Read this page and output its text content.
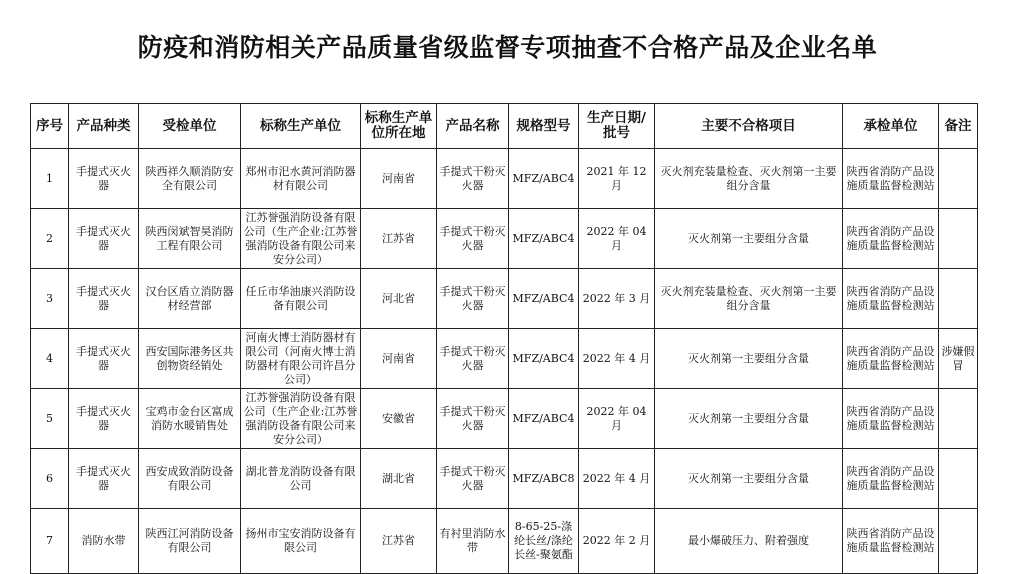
防疫和消防相关产品质量省级监督专项抽查不合格产品及企业名单
序号	产品种类	受检单位	标称生产单位	标称生产单位所在地	产品名称	规格型号	生产日期/批号	主要不合格项目	承检单位	备注
1	手提式灭火器	陕西祥久顺消防安全有限公司	郑州市汜水黄河消防器材有限公司	河南省	手提式干粉灭火器	MFZ/ABC4	2021 年 12 月	灭火剂充装量检查、灭火剂第一主要组分含量	陕西省消防产品设施质量监督检测站	
2	手提式灭火器	陕西闵斌智昊消防工程有限公司	江苏誉强消防设备有限公司（生产企业:江苏誉强消防设备有限公司来安分公司）	江苏省	手提式干粉灭火器	MFZ/ABC4	2022 年 04 月	灭火剂第一主要组分含量	陕西省消防产品设施质量监督检测站	
3	手提式灭火器	汉台区盾立消防器材经营部	任丘市华油康兴消防设备有限公司	河北省	手提式干粉灭火器	MFZ/ABC4	2022 年 3 月	灭火剂充装量检查、灭火剂第一主要组分含量	陕西省消防产品设施质量监督检测站	
4	手提式灭火器	西安国际港务区共创物资经销处	河南火博士消防器材有限公司（河南火博士消防器材有限公司许昌分公司）	河南省	手提式干粉灭火器	MFZ/ABC4	2022 年 4 月	灭火剂第一主要组分含量	陕西省消防产品设施质量监督检测站	涉嫌假冒
5	手提式灭火器	宝鸡市金台区富成消防水暖销售处	江苏誉强消防设备有限公司（生产企业:江苏誉强消防设备有限公司来安分公司）	安徽省	手提式干粉灭火器	MFZ/ABC4	2022 年 04 月	灭火剂第一主要组分含量	陕西省消防产品设施质量监督检测站	
6	手提式灭火器	西安成致消防设备有限公司	湖北普龙消防设备有限公司	湖北省	手提式干粉灭火器	MFZ/ABC8	2022 年 4 月	灭火剂第一主要组分含量	陕西省消防产品设施质量监督检测站	
7	消防水带	陕西江河消防设备有限公司	扬州市宝安消防设备有限公司	江苏省	有衬里消防水带	8-65-25-涤纶长丝/涤纶长丝-聚氨酯	2022 年 2 月	最小爆破压力、附着强度	陕西省消防产品设施质量监督检测站	
